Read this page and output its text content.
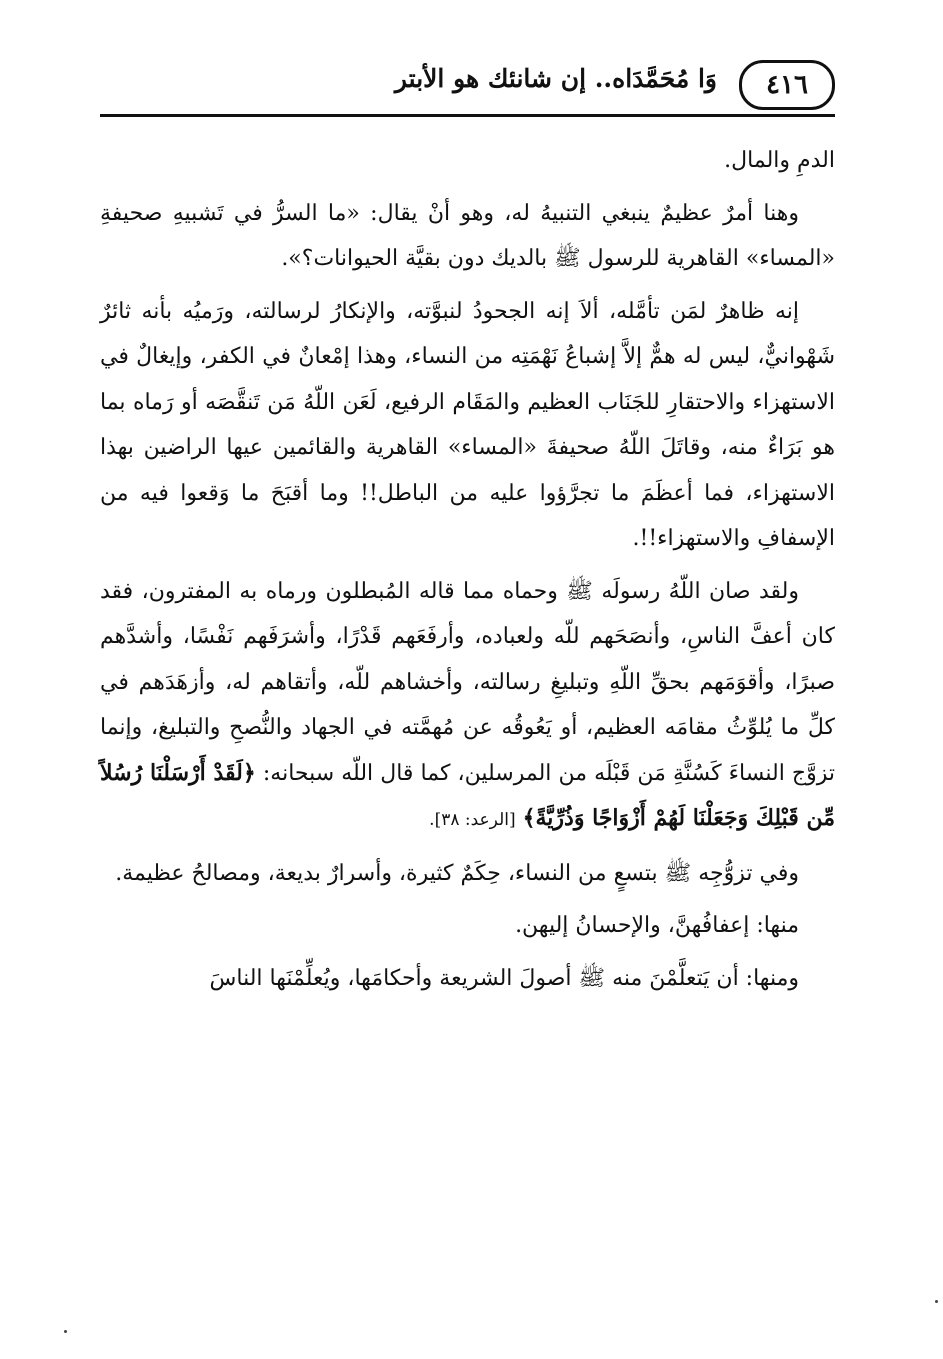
٤١٦
وَا مُحَمَّدَاه.. إن شانئك هو الأبتر

الدمِ والمال.

وهنا أمرٌ عظيمٌ ينبغي التنبيهُ له، وهو أنْ يقال: «ما السرُّ في تَشبيهِ صحيفةِ «المساء» القاهرية للرسول ﷺ بالديك دون بقيَّة الحيوانات؟».

إنه ظاهرٌ لمَن تأمَّله، ألاَ إنه الجحودُ لنبوَّته، والإنكارُ لرسالته، ورَميُه بأنه ثائرٌ شَهْوانيٌّ، ليس له همٌّ إلاَّ إشباعُ نَهْمَتِه من النساء، وهذا إمْعانٌ في الكفر، وإيغالٌ في الاستهزاء والاحتقارِ للجَنَاب العظيم والمَقَام الرفيع، لَعَن اللّهُ مَن تَنقَّصَه أو رَماه بما هو بَرَاءٌ منه، وقاتَلَ اللّهُ صحيفةَ «المساء» القاهرية والقائمين عيها الراضين بهذا الاستهزاء، فما أعظَمَ ما تجرَّؤوا عليه من الباطل!! وما أقبَحَ ما وَقعوا فيه من الإسفافِ والاستهزاء!!.

ولقد صان اللّهُ رسولَه ﷺ وحماه مما قاله المُبطلون ورماه به المفترون، فقد كان أعفَّ الناسِ، وأنصَحَهم للّه ولعباده، وأرفَعَهم قَدْرًا، وأشرَفَهم نَفْسًا، وأشدَّهم صبرًا، وأقوَمَهم بحقِّ اللّهِ وتبليغِ رسالته، وأخشاهم للّه، وأتقاهم له، وأزهَدَهم في كلِّ ما يُلوِّثُ مقامَه العظيم، أو يَعُوقُه عن مُهمَّته في الجهاد والنُّصحِ والتبليغ، وإنما تزوَّج النساءَ كَسُنَّةِ مَن قَبْلَه من المرسلين، كما قال اللّه سبحانه: ﴿لَقَدْ أَرْسَلْنَا رُسُلاً مِّن قَبْلِكَ وَجَعَلْنَا لَهُمْ أَزْوَاجًا وَذُرِّيَّةً﴾ [الرعد: ٣٨].

وفي تزوُّجِه ﷺ بتسعٍ من النساء، حِكَمٌ كثيرة، وأسرارٌ بديعة، ومصالحُ عظيمة.

منها: إعفافُهنَّ، والإحسانُ إليهن.

ومنها: أن يَتعلَّمْنَ منه ﷺ أصولَ الشريعة وأحكامَها، ويُعلِّمْنَها الناسَ
